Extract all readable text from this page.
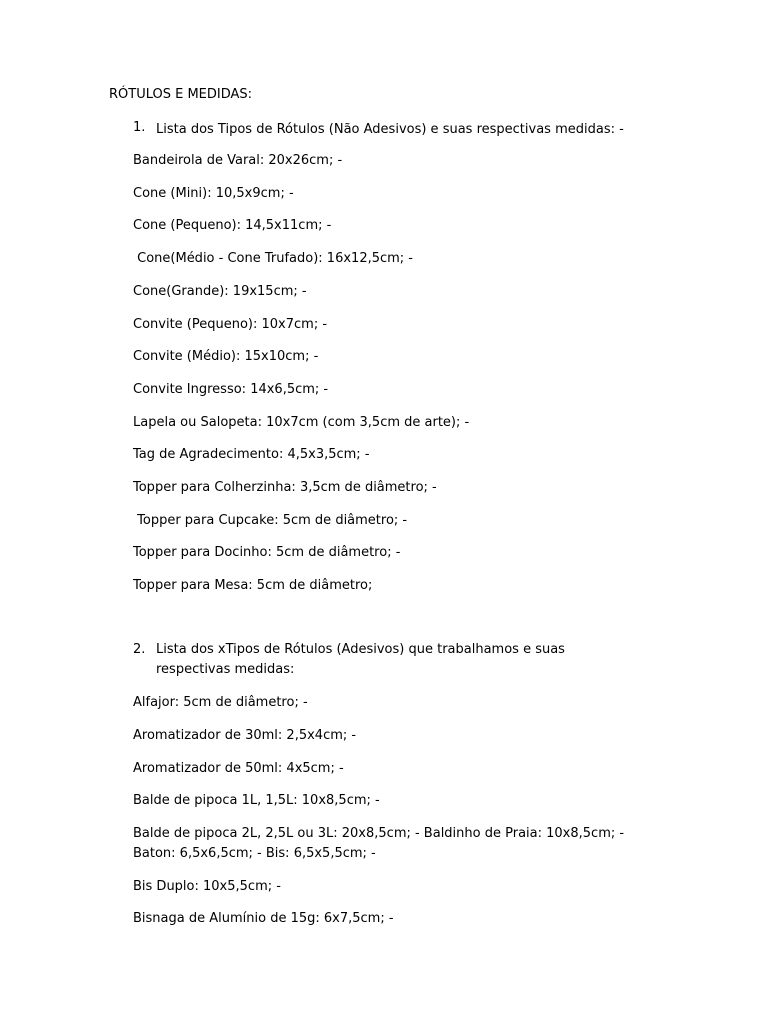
RÓTULOS E MEDIDAS:
1. Lista dos Tipos de Rótulos (Não Adesivos) e suas respectivas medidas: -
Bandeirola de Varal: 20x26cm; -
Cone (Mini): 10,5x9cm; -
Cone (Pequeno): 14,5x11cm; -
Cone(Médio - Cone Trufado): 16x12,5cm; -
Cone(Grande): 19x15cm; -
Convite (Pequeno): 10x7cm; -
Convite (Médio): 15x10cm; -
Convite Ingresso: 14x6,5cm; -
Lapela ou Salopeta: 10x7cm (com 3,5cm de arte); -
Tag de Agradecimento: 4,5x3,5cm; -
Topper para Colherzinha: 3,5cm de diâmetro; -
Topper para Cupcake: 5cm de diâmetro; -
Topper para Docinho: 5cm de diâmetro; -
Topper para Mesa: 5cm de diâmetro;
2. Lista dos xTipos de Rótulos (Adesivos) que trabalhamos e suas respectivas medidas:
Alfajor: 5cm de diâmetro; -
Aromatizador de 30ml: 2,5x4cm; -
Aromatizador de 50ml: 4x5cm; -
Balde de pipoca 1L, 1,5L: 10x8,5cm; -
Balde de pipoca 2L, 2,5L ou 3L: 20x8,5cm; - Baldinho de Praia: 10x8,5cm; - Baton: 6,5x6,5cm; - Bis: 6,5x5,5cm; -
Bis Duplo: 10x5,5cm; -
Bisnaga de Alumínio de 15g: 6x7,5cm; -
